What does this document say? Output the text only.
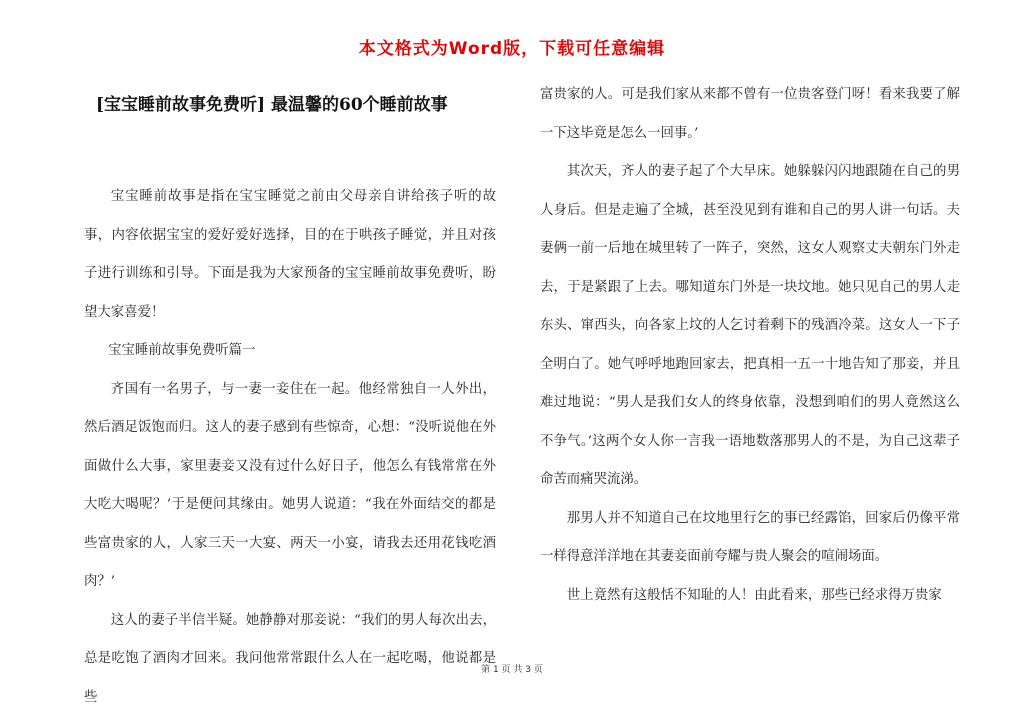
本文格式为Word版，下载可任意编辑
[宝宝睡前故事免费听] 最温馨的60个睡前故事

宝宝睡前故事是指在宝宝睡觉之前由父母亲自讲给孩子听的故事，内容依据宝宝的爱好爱好选择，目的在于哄孩子睡觉，并且对孩子进行训练和引导。下面是我为大家预备的宝宝睡前故事免费听，盼望大家喜爱！

宝宝睡前故事免费听篇一

齐国有一名男子，与一妻一妾住在一起。他经常独自一人外出，然后酒足饭饱而归。这人的妻子感到有些惊奇，心想：“没听说他在外面做什么大事，家里妻妾又没有过什么好日子，他怎么有钱常常在外大吃大喝呢？’于是便问其缘由。她男人说道：“我在外面结交的都是些富贵家的人，人家三天一大宴、两天一小宴，请我去还用花钱吃酒肉？’

这人的妻子半信半疑。她静静对那妾说：“我们的男人每次出去，总是吃饱了酒肉才回来。我问他常常跟什么人在一起吃喝，他说都是些

富贵家的人。可是我们家从来都不曾有一位贵客登门呀！看来我要了解一下这毕竟是怎么一回事。’

其次天，齐人的妻子起了个大早床。她躲躲闪闪地跟随在自己的男人身后。但是走遍了全城，甚至没见到有谁和自己的男人讲一句话。夫妻俩一前一后地在城里转了一阵子，突然，这女人观察丈夫朝东门外走去，于是紧跟了上去。哪知道东门外是一块坟地。她只见自己的男人走东头、窜西头，向各家上坟的人乞讨着剩下的残酒冷菜。这女人一下子全明白了。她气呼呼地跑回家去，把真相一五一十地告知了那妾，并且难过地说：“男人是我们女人的终身依靠，没想到咱们的男人竟然这么不争气。’这两个女人你一言我一语地数落那男人的不是，为自己这辈子命苦而痛哭流涕。

那男人并不知道自己在坟地里行乞的事已经露馅，回家后仍像平常一样得意洋洋地在其妻妾面前夸耀与贵人聚会的喧闹场面。

世上竟然有这般恬不知耻的人！由此看来，那些已经求得万贵家

第 1 页 共 3 页
